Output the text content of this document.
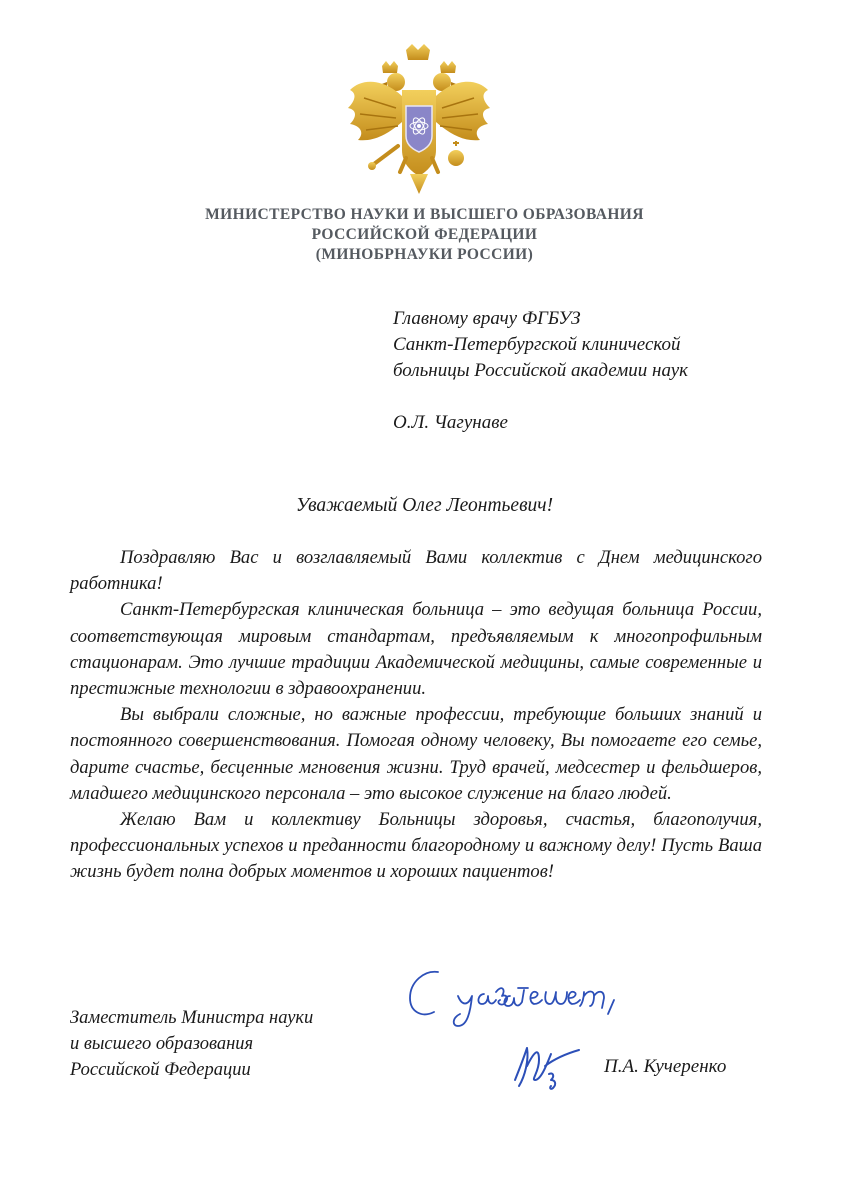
МИНИСТЕРСТВО НАУКИ И ВЫСШЕГО ОБРАЗОВАНИЯ
РОССИЙСКОЙ ФЕДЕРАЦИИ
(МИНОБРНАУКИ РОССИИ)
Главному врачу ФГБУЗ
Санкт-Петербургской клинической
больницы Российской академии наук
О.Л. Чагунаве
Уважаемый Олег Леонтьевич!

Поздравляю Вас и возглавляемый Вами коллектив с Днем медицинского работника!

Санкт-Петербургская клиническая больница – это ведущая больница России, соответствующая мировым стандартам, предъявляемым к многопрофильным стационарам. Это лучшие традиции Академической медицины, самые современные и престижные технологии в здравоохранении.

Вы выбрали сложные, но важные профессии, требующие больших знаний и постоянного совершенствования. Помогая одному человеку, Вы помогаете его семье, дарите счастье, бесценные мгновения жизни. Труд врачей, медсестер и фельдшеров, младшего медицинского персонала – это высокое служение на благо людей.

Желаю Вам и коллективу Больницы здоровья, счастья, благополучия, профессиональных успехов и преданности благородному и важному делу! Пусть Ваша жизнь будет полна добрых моментов и хороших пациентов!

Заместитель Министра науки
и высшего образования
Российской Федерации	П.А. Кучеренко
